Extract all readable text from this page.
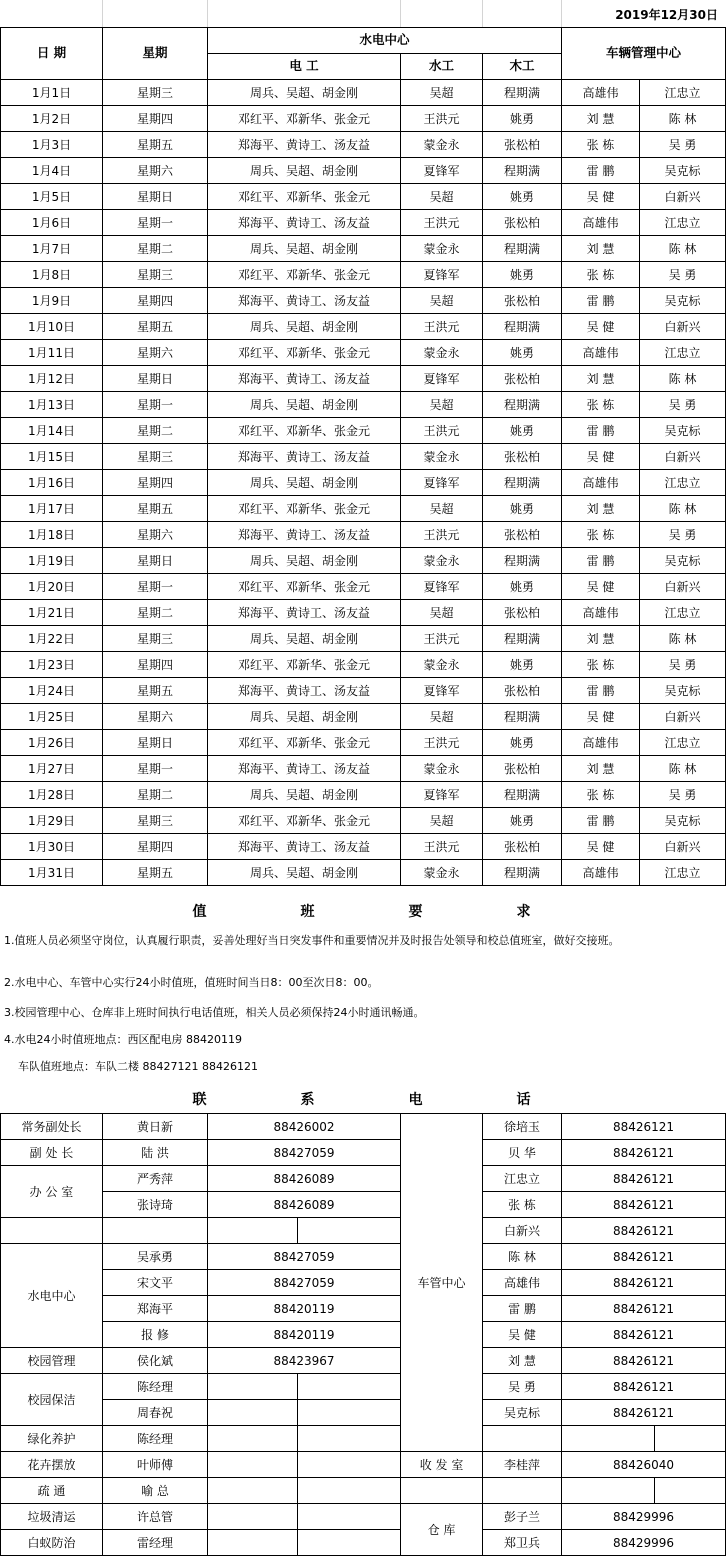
2019年12月30日
日 期	星期	水电中心			车辆管理中心	
		电 工	水工	木工		
1月1日	星期三	周兵、吴超、胡金刚	吴超	程期满	高雄伟	江忠立
1月2日	星期四	邓红平、邓新华、张金元	王洪元	姚勇	刘 慧	陈 林
1月3日	星期五	郑海平、黄诗工、汤友益	蒙金永	张松柏	张 栋	吴 勇
1月4日	星期六	周兵、吴超、胡金刚	夏锋军	程期满	雷 鹏	吴克标
1月5日	星期日	邓红平、邓新华、张金元	吴超	姚勇	吴 健	白新兴
1月6日	星期一	郑海平、黄诗工、汤友益	王洪元	张松柏	高雄伟	江忠立
1月7日	星期二	周兵、吴超、胡金刚	蒙金永	程期满	刘 慧	陈 林
1月8日	星期三	邓红平、邓新华、张金元	夏锋军	姚勇	张 栋	吴 勇
1月9日	星期四	郑海平、黄诗工、汤友益	吴超	张松柏	雷 鹏	吴克标
1月10日	星期五	周兵、吴超、胡金刚	王洪元	程期满	吴 健	白新兴
1月11日	星期六	邓红平、邓新华、张金元	蒙金永	姚勇	高雄伟	江忠立
1月12日	星期日	郑海平、黄诗工、汤友益	夏锋军	张松柏	刘 慧	陈 林
1月13日	星期一	周兵、吴超、胡金刚	吴超	程期满	张 栋	吴 勇
1月14日	星期二	邓红平、邓新华、张金元	王洪元	姚勇	雷 鹏	吴克标
1月15日	星期三	郑海平、黄诗工、汤友益	蒙金永	张松柏	吴 健	白新兴
1月16日	星期四	周兵、吴超、胡金刚	夏锋军	程期满	高雄伟	江忠立
1月17日	星期五	邓红平、邓新华、张金元	吴超	姚勇	刘 慧	陈 林
1月18日	星期六	郑海平、黄诗工、汤友益	王洪元	张松柏	张 栋	吴 勇
1月19日	星期日	周兵、吴超、胡金刚	蒙金永	程期满	雷 鹏	吴克标
1月20日	星期一	邓红平、邓新华、张金元	夏锋军	姚勇	吴 健	白新兴
1月21日	星期二	郑海平、黄诗工、汤友益	吴超	张松柏	高雄伟	江忠立
1月22日	星期三	周兵、吴超、胡金刚	王洪元	程期满	刘 慧	陈 林
1月23日	星期四	邓红平、邓新华、张金元	蒙金永	姚勇	张 栋	吴 勇
1月24日	星期五	郑海平、黄诗工、汤友益	夏锋军	张松柏	雷 鹏	吴克标
1月25日	星期六	周兵、吴超、胡金刚	吴超	程期满	吴 健	白新兴
1月26日	星期日	邓红平、邓新华、张金元	王洪元	姚勇	高雄伟	江忠立
1月27日	星期一	郑海平、黄诗工、汤友益	蒙金永	张松柏	刘 慧	陈 林
1月28日	星期二	周兵、吴超、胡金刚	夏锋军	程期满	张 栋	吴 勇
1月29日	星期三	邓红平、邓新华、张金元	吴超	姚勇	雷 鹏	吴克标
1月30日	星期四	郑海平、黄诗工、汤友益	王洪元	张松柏	吴 健	白新兴
1月31日	星期五	周兵、吴超、胡金刚	蒙金永	程期满	高雄伟	江忠立
值	班	要	求
1.值班人员必须坚守岗位，认真履行职责，妥善处理好当日突发事件和重要情况并及时报告处领导和校总值班室，做好交接班。
2.水电中心、车管中心实行24小时值班，值班时间当日8：00至次日8：00。
3.校园管理中心、仓库非上班时间执行电话值班，相关人员必须保持24小时通讯畅通。
4.水电24小时值班地点：西区配电房 88420119
车队值班地点：车队二楼 88427121 88426121
联	系	电	话
常务副处长	黄日新	88426002		车管中心	徐培玉	88426121	
副 处 长	陆 洪	88427059			贝 华	88426121	
办 公 室	严秀萍	88426089			江忠立	88426121	
	张诗琦	88426089			张 栋	88426121	
					白新兴	88426121	
水电中心	吴承勇	88427059			陈 林	88426121	
	宋文平	88427059			高雄伟	88426121	
	郑海平	88420119			雷 鹏	88426121	
	报 修	88420119			吴 健	88426121	
校园管理	侯化斌	88423967			刘 慧	88426121	
校园保洁	陈经理				吴 勇	88426121	
	周春祝				吴克标	88426121	
绿化养护	陈经理						
花卉摆放	叶师傅			收 发 室	李桂萍	88426040	
疏 通	喻 总						
垃圾清运	许总管			仓 库	彭子兰	88429996	
白蚁防治	雷经理				郑卫兵	88429996	
